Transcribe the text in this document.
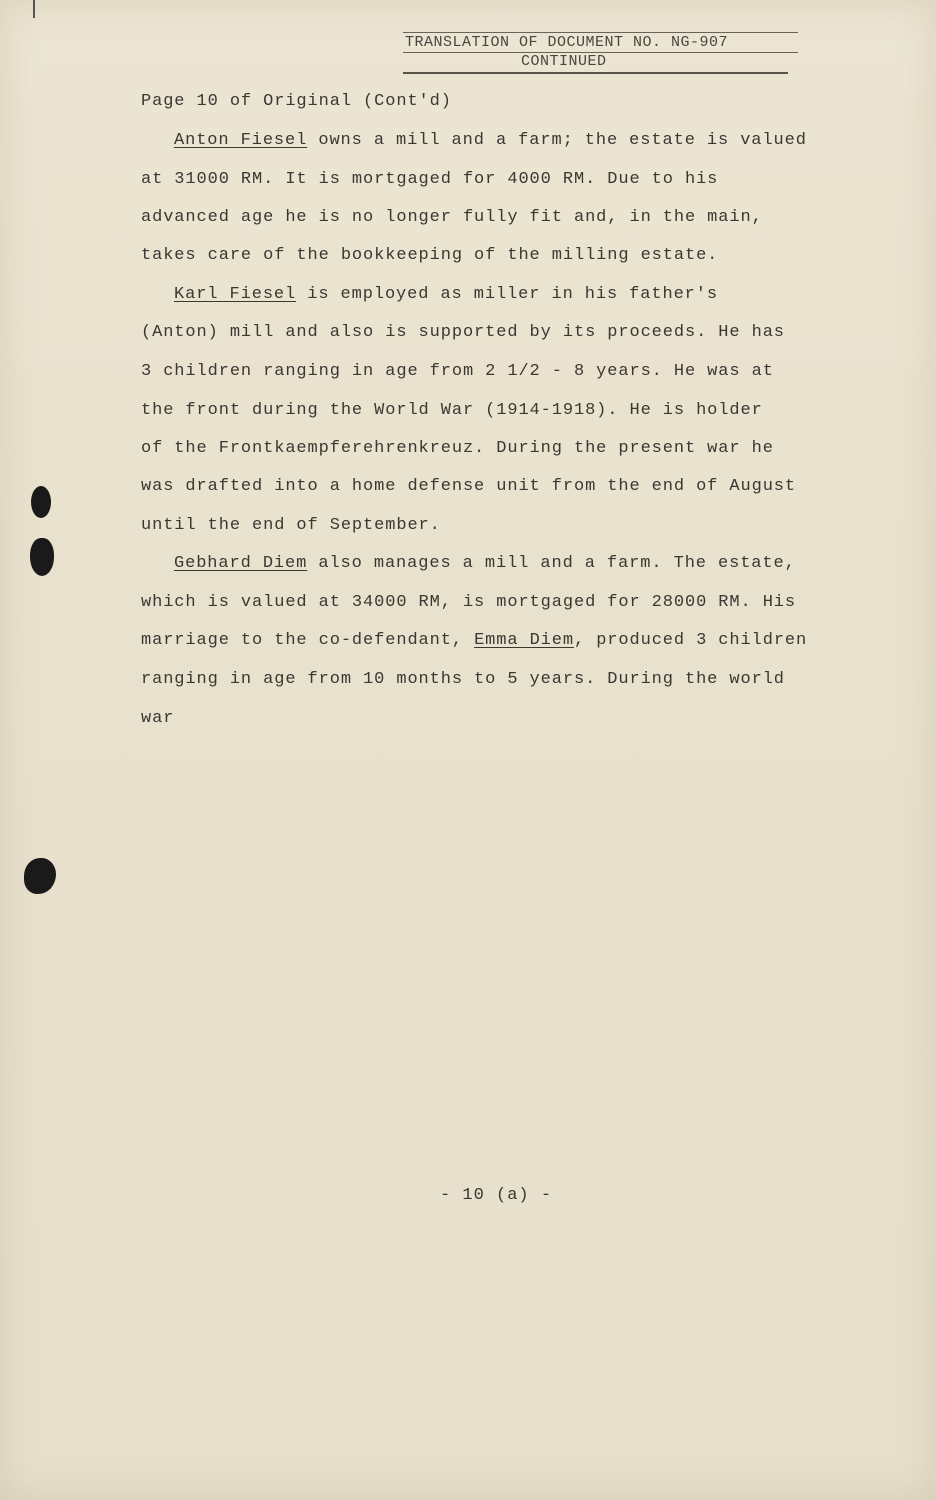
TRANSLATION OF DOCUMENT NO. NG-907
CONTINUED
Page 10 of Original (Cont'd)
Anton Fiesel owns a mill and a farm; the estate is valued
at 31000 RM. It is mortgaged for 4000 RM. Due to his
advanced age he is no longer fully fit and, in the main,
takes care of the bookkeeping of the milling estate.
Karl Fiesel is employed as miller in his father's
(Anton) mill and also is supported by its proceeds. He has
3 children ranging in age from 2 1/2 - 8 years. He was at
the front during the World War (1914-1918). He is holder
of the Frontkaempferehrenkreuz. During the present war he
was drafted into a home defense unit from the end of August
until the end of September.
Gebhard Diem also manages a mill and a farm. The estate,
which is valued at 34000 RM, is mortgaged for 28000 RM. His
marriage to the co-defendant, Emma Diem, produced 3 children
ranging in age from 10 months to 5 years. During the world
war
- 10 (a) -
